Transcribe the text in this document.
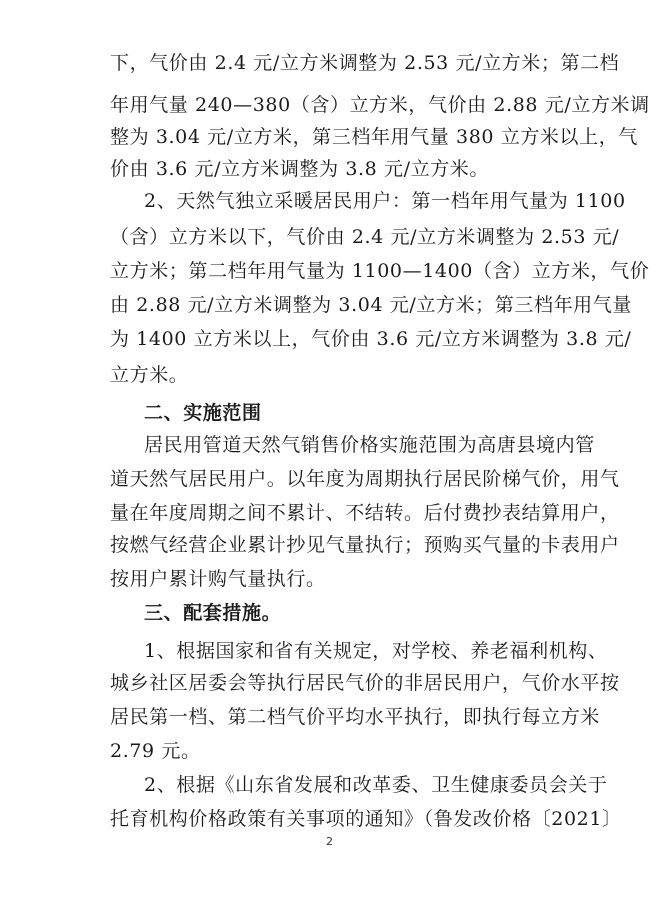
下，气价由 2.4 元/立方米调整为 2.53 元/立方米；第二档
年用气量 240—380（含）立方米，气价由 2.88 元/立方米调
整为 3.04 元/立方米，第三档年用气量 380 立方米以上，气
价由 3.6 元/立方米调整为 3.8 元/立方米。
2、天然气独立采暖居民用户：第一档年用气量为 1100
（含）立方米以下，气价由 2.4 元/立方米调整为 2.53 元/
立方米；第二档年用气量为 1100—1400（含）立方米，气价
由 2.88 元/立方米调整为 3.04 元/立方米；第三档年用气量
为 1400 立方米以上，气价由 3.6 元/立方米调整为 3.8 元/
立方米。
二、实施范围
居民用管道天然气销售价格实施范围为高唐县境内管
道天然气居民用户。以年度为周期执行居民阶梯气价，用气
量在年度周期之间不累计、不结转。后付费抄表结算用户，
按燃气经营企业累计抄见气量执行；预购买气量的卡表用户
按用户累计购气量执行。
三、配套措施。
1、根据国家和省有关规定，对学校、养老福利机构、
城乡社区居委会等执行居民气价的非居民用户，气价水平按
居民第一档、第二档气价平均水平执行，即执行每立方米
2.79 元。
2、根据《山东省发展和改革委、卫生健康委员会关于
托育机构价格政策有关事项的通知》（鲁发改价格〔2021〕
2
